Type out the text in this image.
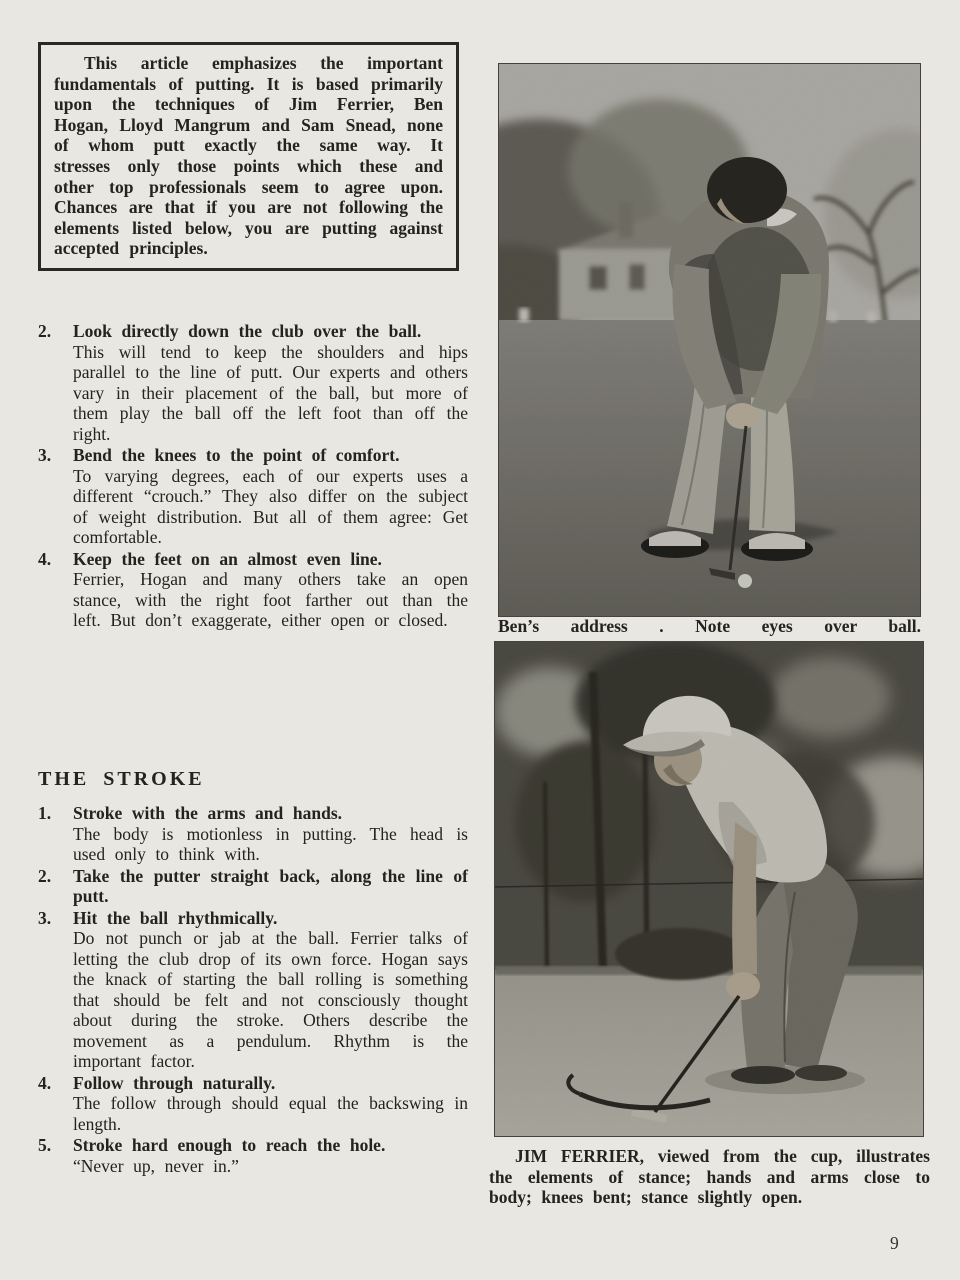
This article emphasizes the important fundamentals of putting. It is based primarily upon the techniques of Jim Ferrier, Ben Hogan, Lloyd Mangrum and Sam Snead, none of whom putt exactly the same way. It stresses only those points which these and other top professionals seem to agree upon. Chances are that if you are not following the elements listed below, you are putting against accepted principles.

2.	Look directly down the club over the ball.

This will tend to keep the shoulders and hips parallel to the line of putt. Our experts and others vary in their placement of the ball, but more of them play the ball off the left foot than off the right.

3.	Bend the knees to the point of comfort.

To varying degrees, each of our experts uses a different “crouch.” They also differ on the subject of weight distribution. But all of them agree: Get comfortable.

4.	Keep the feet on an almost even line.

Ferrier, Hogan and many others take an open stance, with the right foot farther out than the left. But don’t exaggerate, either open or closed.

THE STROKE
1.	Stroke with the arms and hands.

The body is motionless in putting. The head is used only to think with.

2.	Take the putter straight back, along the line of putt.
3.	Hit the ball rhythmically.

Do not punch or jab at the ball. Ferrier talks of letting the club drop of its own force. Hogan says the knack of starting the ball rolling is something that should be felt and not consciously thought about during the stroke. Others describe the movement as a pendulum. Rhythm is the important factor.

4.	Follow through naturally.

The follow through should equal the backswing in length.

5.	Stroke hard enough to reach the hole.

“Never up, never in.”

Ben’s address . Note eyes over ball.
JIM FERRIER, viewed from the cup, illustrates the elements of stance; hands and arms close to body; knees bent; stance slightly open.
9
